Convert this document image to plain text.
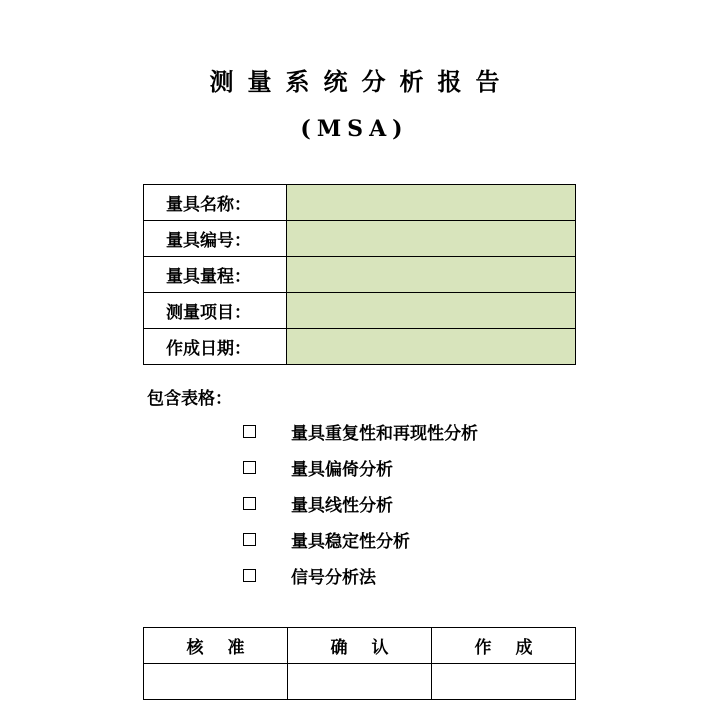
测量系统分析报告
(MSA)
量具名称：	
量具编号：	
量具量程：	
测量项目：	
作成日期：	
包含表格：
量具重复性和再现性分析
量具偏倚分析
量具线性分析
量具稳定性分析
信号分析法
核准	确认	作成
